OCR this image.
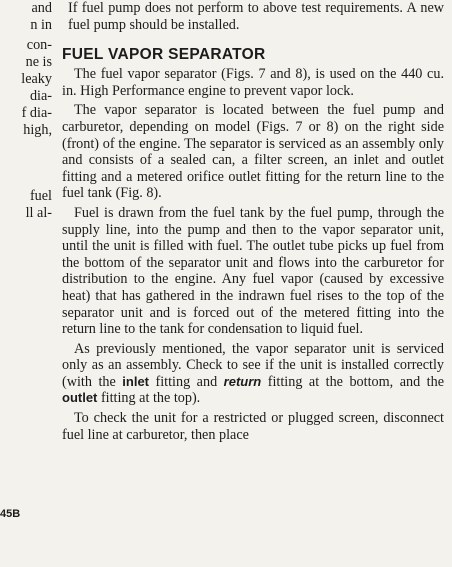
and
n in
con-
ne is
leaky
dia-
f dia-
high,
fuel
ll al-
45B

If fuel pump does not perform to above test requirements. A new fuel pump should be installed.

FUEL VAPOR SEPARATOR

The fuel vapor separator (Figs. 7 and 8), is used on the 440 cu. in. High Performance engine to prevent vapor lock.

The vapor separator is located between the fuel pump and carburetor, depending on model (Figs. 7 or 8) on the right side (front) of the engine. The separator is serviced as an assembly only and consists of a sealed can, a filter screen, an inlet and outlet fitting and a metered orifice outlet fitting for the return line to the fuel tank (Fig. 8).

Fuel is drawn from the fuel tank by the fuel pump, through the supply line, into the pump and then to the vapor separator unit, until the unit is filled with fuel. The outlet tube picks up fuel from the bottom of the separator unit and flows into the carburetor for distribution to the engine. Any fuel vapor (caused by excessive heat) that has gathered in the indrawn fuel rises to the top of the separator unit and is forced out of the metered fitting into the return line to the tank for condensation to liquid fuel.

As previously mentioned, the vapor separator unit is serviced only as an assembly. Check to see if the unit is installed correctly (with the inlet fitting and return fitting at the bottom, and the outlet fitting at the top).

To check the unit for a restricted or plugged screen, disconnect fuel line at carburetor, then place
